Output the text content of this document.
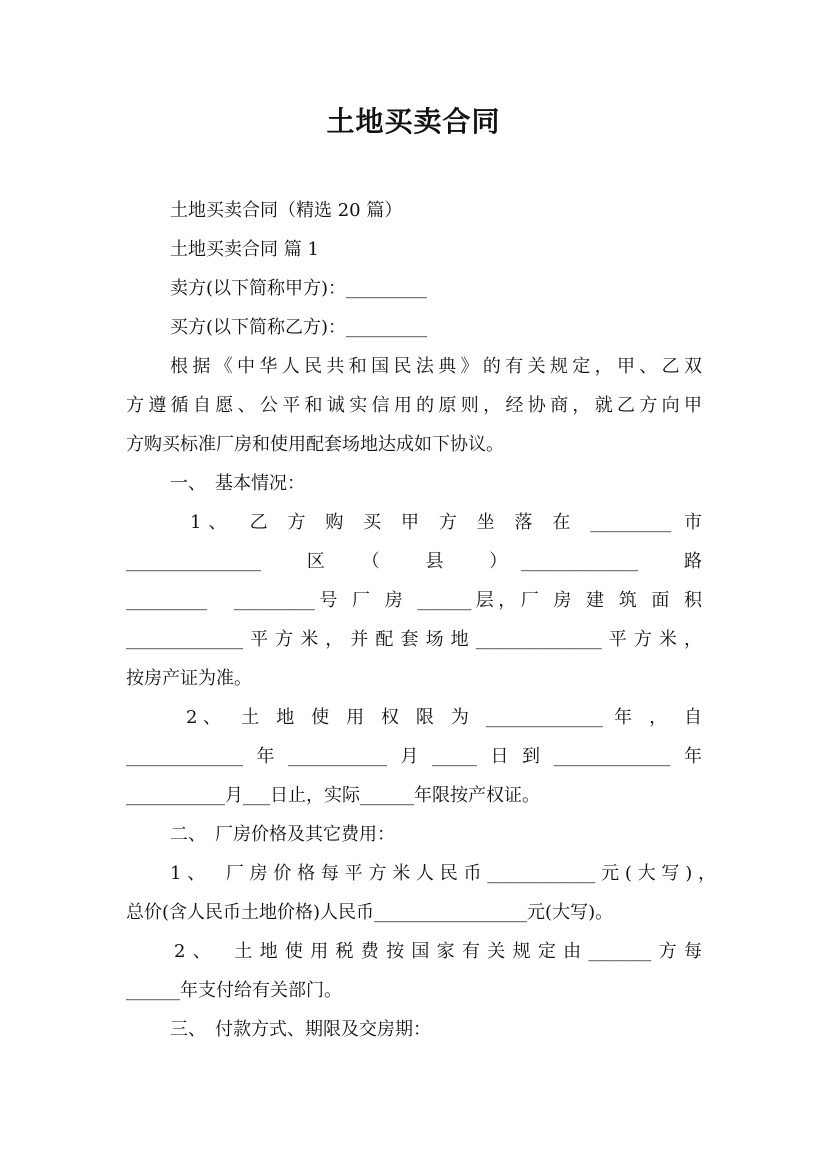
土地买卖合同
土地买卖合同（精选 20 篇）
土地买卖合同 篇 1
卖方(以下简称甲方)：_________
买方(以下简称乙方)：_________
根据《中华人民共和国民法典》的有关规定，甲、乙双
方遵循自愿、公平和诚实信用的原则，经协商，就乙方向甲
方购买标准厂房和使用配套场地达成如下协议。
一、　基本情况：
1、　乙 方 购 买 甲 方 坐 落 在 _________ 市
_______________　区　（　县　）_____________　路
_________　_________号 厂 房 ______层，厂 房 建 筑 面 积
_____________平方米，并配套场地______________平方米，
按房产证为准。
2、　土 地 使 用 权 限 为 _____________ 年 ， 自
_____________年___________月_____日到_____________年
___________月___日止，实际______年限按产权证。
二、　厂房价格及其它费用：
1、　厂房价格每平方米人民币____________元(大写)，
总价(含人民币土地价格)人民币_________________元(大写)。
2、　土地使用税费按国家有关规定由_______方每
______年支付给有关部门。
三、　付款方式、期限及交房期：
